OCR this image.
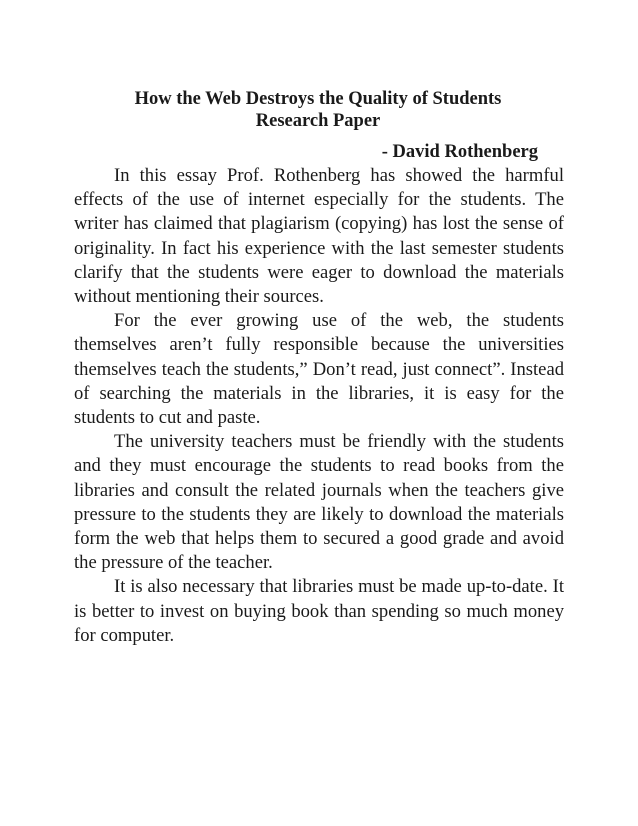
How the Web Destroys the Quality of Students
Research Paper

- David Rothenberg

In this essay Prof. Rothenberg has showed the harmful effects of the use of internet especially for the students. The writer has claimed that plagiarism (copying) has lost the sense of originality. In fact his experience with the last semester students clarify that the students were eager to download the materials without mentioning their sources.

For the ever growing use of the web, the students themselves aren’t fully responsible because the universities themselves teach the students,” Don’t read, just connect”. Instead of searching the materials in the libraries, it is easy for the students to cut and paste.

The university teachers must be friendly with the students and they must encourage the students to read books from the libraries and consult the related journals when the teachers give pressure to the students they are likely to download the materials form the web that helps them to secured a good grade and avoid the pressure of the teacher.

It is also necessary that libraries must be made up-to-date. It is better to invest on buying book than spending so much money for computer.
